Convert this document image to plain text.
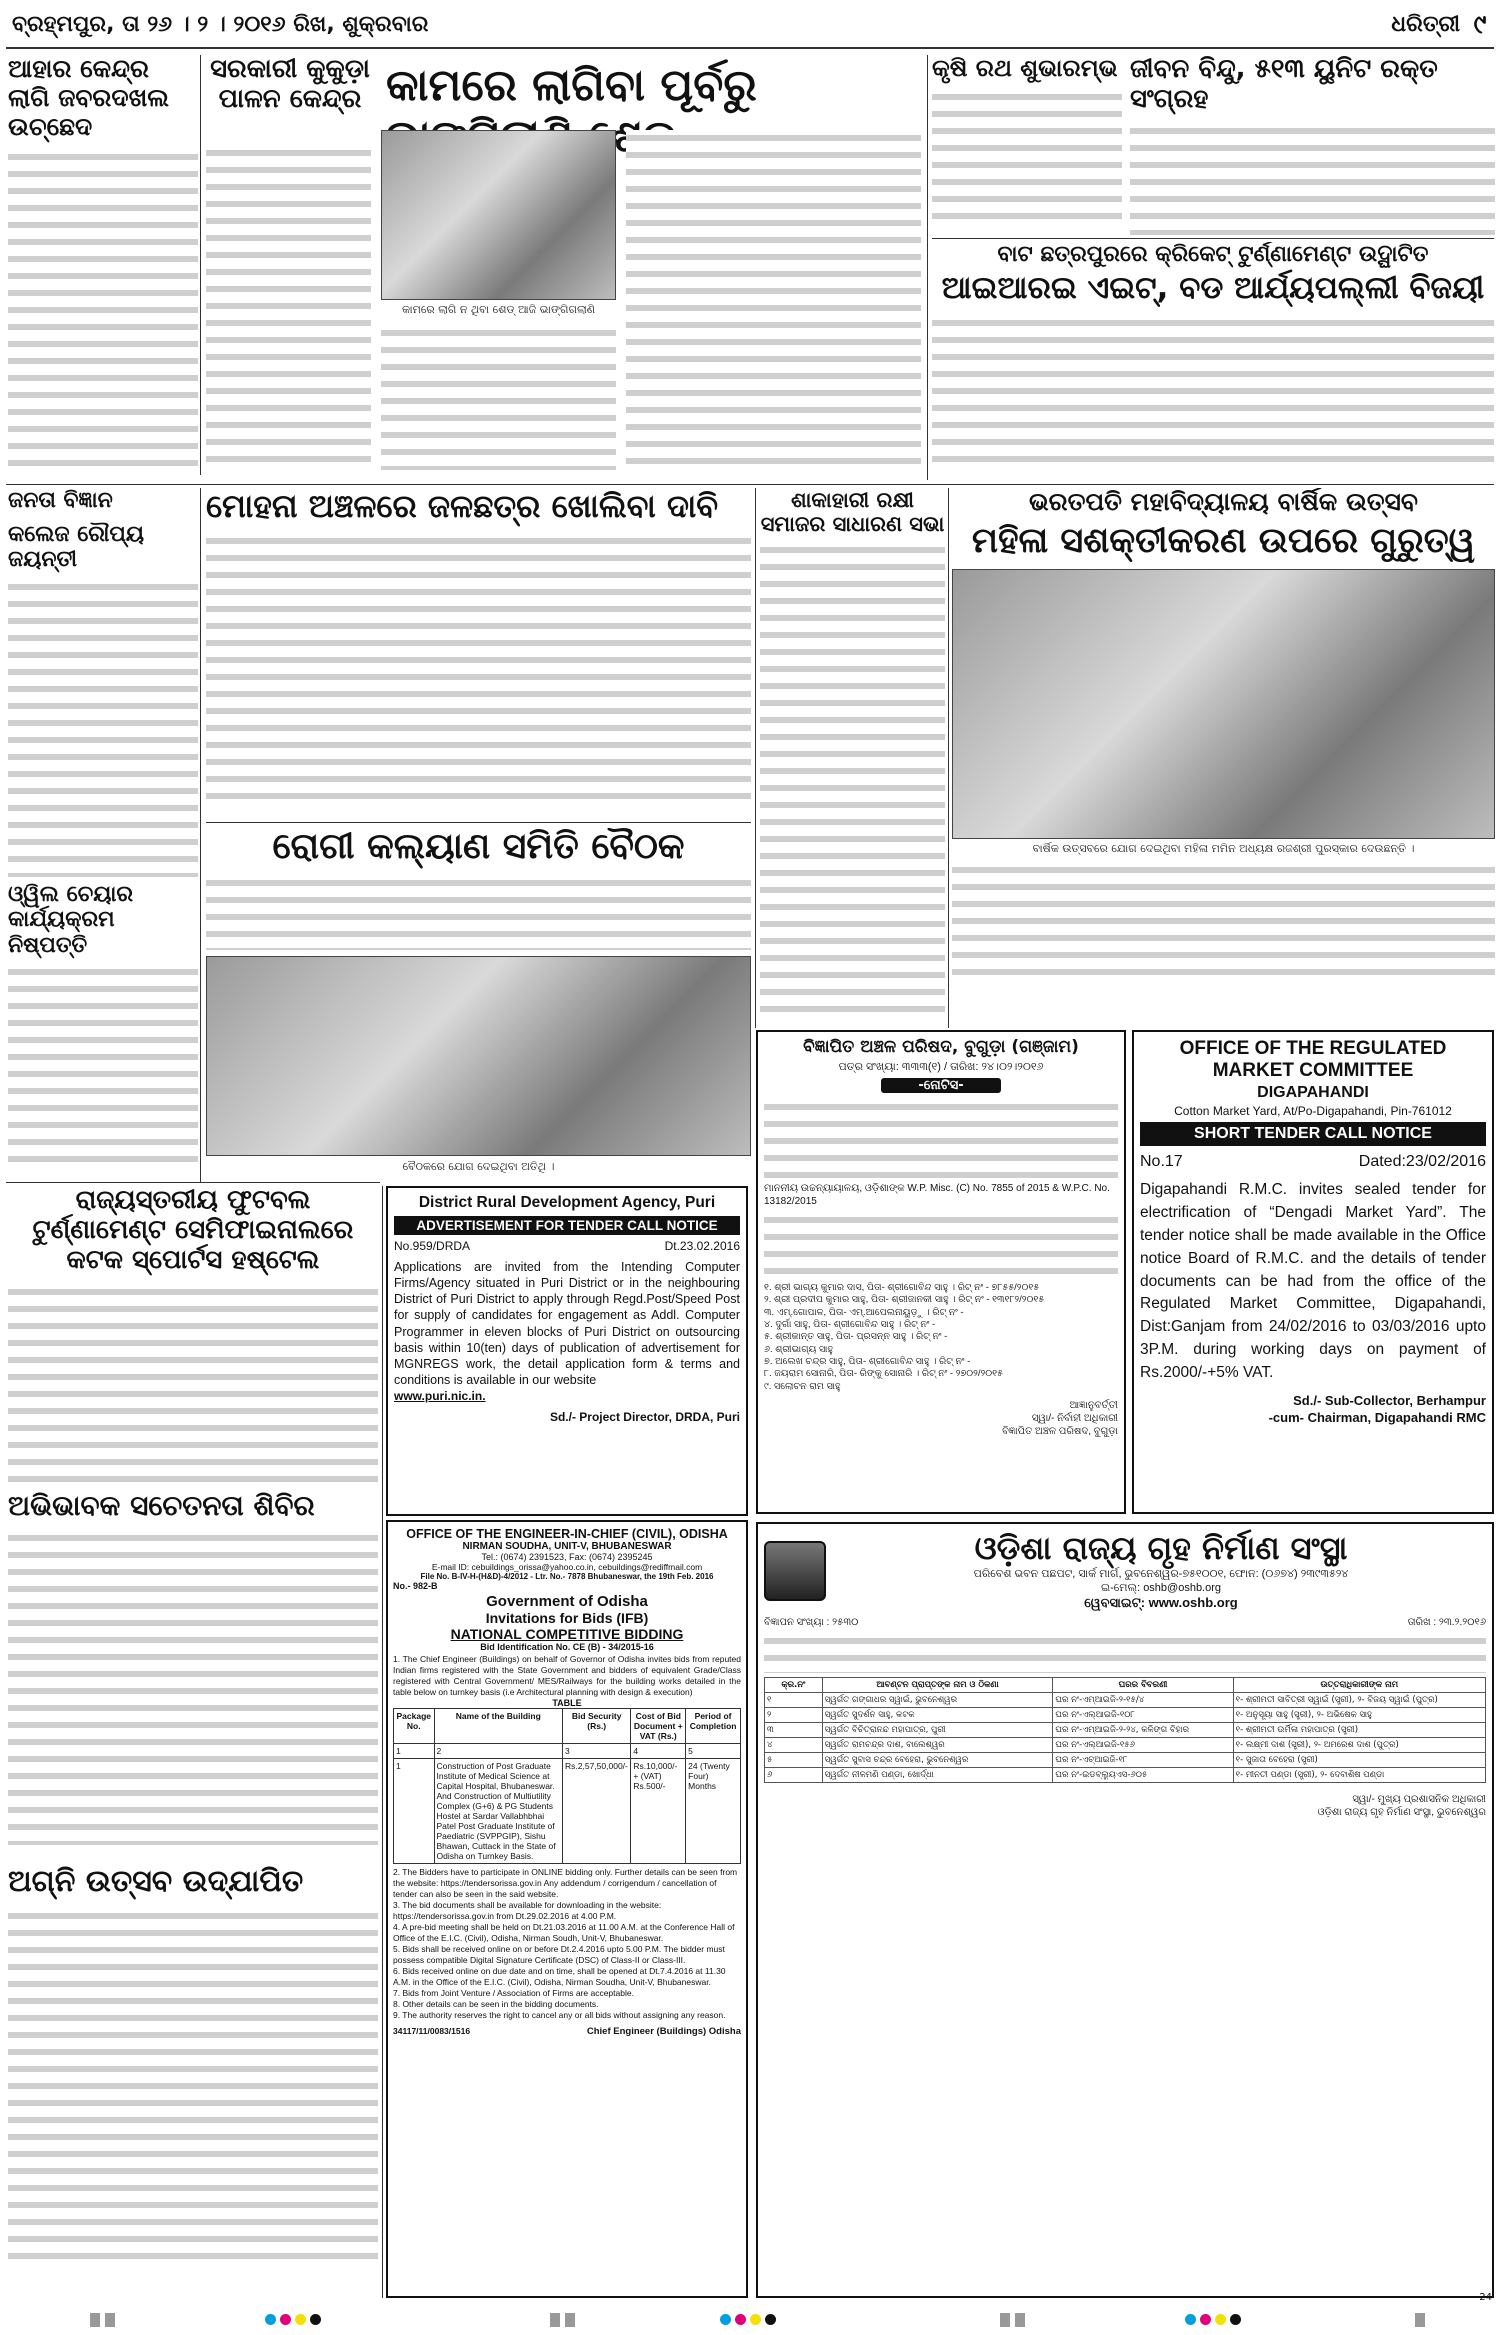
ବ୍ରହ୍ମପୁର, ତା ୨୬ । ୨ । ୨୦୧୬ ରିଖ, ଶୁକ୍ରବାର	ଧରିତ୍ରୀ ୯
ଆହାର କେନ୍ଦ୍ର ଲାଗି ଜବରଦଖଲ ଉଚ୍ଛେଦ
ସରକାରୀ କୁକୁଡ଼ା ପାଳନ କେନ୍ଦ୍ର କାମରେ ଲାଗିବା ପୂର୍ବରୁ
କାମରେ ଲାଗି ନ ଥିବା ଶେଡ୍ ଆଜି ଭାଙ୍ଗିଗଲାଣି
କୃଷି ରଥ ଶୁଭାରମ୍ଭ ଜୀବନ ବିନ୍ଦୁ, ୫୧୩ ୟୁନିଟ ରକ୍ତ ସଂଗ୍ରହ
ବାଟ ଛତ୍ରପୁରରେ କ୍ରିକେଟ୍ ଟୁର୍ଣ୍ଣାମେଣ୍ଟ ଉଦ୍ଘାଟିତ
ଆଇଆରଇ ଏଇଟ୍, ବଡ ଆର୍ଯ୍ୟପଲ୍ଲୀ ବିଜୟୀ
ଜନତା ବିଜ୍ଞାନ
କଲେଜ ରୌପ୍ୟ ଜୟନ୍ତୀ
ଓ୍ୱିଲ ଚେୟାର କାର୍ଯ୍ୟକ୍ରମ ନିଷ୍ପତ୍ତି
ମୋହନା ଅଞ୍ଚଳରେ ଜଳଛତ୍ର ଖୋଲିବା ଦାବି
ରୋଗୀ କଲ୍ୟାଣ ସମିତି ବୈଠକ
ବୈଠକରେ ଯୋଗ ଦେଇଥିବା ଅତିଥି ।
ଶାକାହାରୀ ରକ୍ଷୀ ସମାଜର ସାଧାରଣ ସଭା
ଭରତପତି ମହାବିଦ୍ୟାଳୟ ବାର୍ଷିକ ଉତ୍ସବ
ମହିଳା ସଶକ୍ତୀକରଣ ଉପରେ ଗୁରୁତ୍ୱ
ବାର୍ଷିକ ଉତ୍ସବରେ ଯୋଗ ଦେଇଥିବା ମହିଳା ମମିନ ଅଧ୍ୟକ୍ଷ ରଜଶ୍ରୀ ପୁରସ୍କାର ଦେଉଛନ୍ତି ।
ରାଜ୍ୟସ୍ତରୀୟ ଫୁଟବଲ ଟୁର୍ଣ୍ଣାମେଣ୍ଟ ସେମିଫାଇନାଲରେ କଟକ ସ୍ପୋର୍ଟସ ହଷ୍ଟେଲ
ଅଭିଭାବକ ସଚେତନତା ଶିବିର
ଅଗ୍ନି ଉତ୍ସବ ଉଦ୍ଯାପିତ
District Rural Development Agency, Puri
ADVERTISEMENT FOR TENDER CALL NOTICE
No.959/DRDA	Dt.23.02.2016
Applications are invited from the Intending Computer Firms/Agency situated in Puri District or in the neighbouring District of Puri District to apply through Regd.Post/Speed Post for supply of candidates for engagement as Addl. Computer Programmer in eleven blocks of Puri District on outsourcing basis within 10(ten) days of publication of advertisement for MGNREGS work, the detail application form & terms and conditions is available in our website
www.puri.nic.in.
Sd./- Project Director, DRDA, Puri
OFFICE OF THE ENGINEER-IN-CHIEF (CIVIL), ODISHA
NIRMAN SOUDHA, UNIT-V, BHUBANESWAR
Tel.: (0674) 2391523, Fax: (0674) 2395245
E-mail ID: cebuildings_orissa@yahoo.co.in, cebuildings@rediffmail.com
File No. B-IV-H-(H&D)-4/2012 - Ltr. No.- 7878 Bhubaneswar, the 19th Feb. 2016
No.- 982-B
Government of Odisha
Invitations for Bids (IFB)
NATIONAL COMPETITIVE BIDDING
Bid Identification No. CE (B) - 34/2015-16
1. The Chief Engineer (Buildings) on behalf of Governor of Odisha invites bids from reputed Indian firms registered with the State Government and bidders of equivalent Grade/Class registered with Central Government/ MES/Railways for the building works detailed in the table below on turnkey basis (i.e Architectural planning with design & execution)
TABLE
Package No.	Name of the Building	Bid Security (Rs.)	Cost of Bid Document + VAT (Rs.)	Period of Completion
1	2	3	4	5
1	Construction of Post Graduate Institute of Medical Science at Capital Hospital, Bhubaneswar. And Construction of Multiutility Complex (G+6) & PG Students Hostel at Sardar Vallabhbhai Patel Post Graduate Institute of Paediatric (SVPPGIP), Sishu Bhawan, Cuttack in the State of Odisha on Turnkey Basis.	Rs.2,57,50,000/-	Rs.10,000/- + (VAT) Rs.500/-	24 (Twenty Four) Months
2. The Bidders have to participate in ONLINE bidding only. Further details can be seen from the website: https://tendersorissa.gov.in Any addendum / corrigendum / cancellation of tender can also be seen in the said website.
3. The bid documents shall be available for downloading in the website: https://tendersorissa.gov.in from Dt.29.02.2016 at 4.00 P.M.
4. A pre-bid meeting shall be held on Dt.21.03.2016 at 11.00 A.M. at the Conference Hall of Office of the E.I.C. (Civil), Odisha, Nirman Soudh, Unit-V, Bhubaneswar.
5. Bids shall be received online on or before Dt.2.4.2016 upto 5.00 P.M. The bidder must possess compatible Digital Signature Certificate (DSC) of Class-II or Class-III.
6. Bids received online on due date and on time, shall be opened at Dt.7.4.2016 at 11.30 A.M. in the Office of the E.I.C. (Civil), Odisha, Nirman Soudha, Unit-V, Bhubaneswar.
7. Bids from Joint Venture / Association of Firms are acceptable.
8. Other details can be seen in the bidding documents.
9. The authority reserves the right to cancel any or all bids without assigning any reason.
34117/11/0083/1516	Chief Engineer (Buildings) Odisha
ବିଜ୍ଞାପିତ ଅଞ୍ଚଳ ପରିଷଦ, ବୁଗୁଡ଼ା (ଗଞ୍ଜାମ)
ପତ୍ର ସଂଖ୍ୟା: ୩୩୩(୧) / ତାରିଖ: ୨୪।୦୨।୨୦୧୬
-ନୋଟିସ-
ମାନନୀୟ ଉଚ୍ଚନ୍ୟାୟାଳୟ, ଓଡ଼ିଶାଙ୍କ W.P. Misc. (C) No. 7855 of 2015 & W.P.C. No. 13182/2015
୧. ଶ୍ରୀ ଭାଗ୍ୟ କୁମାର ଦାସ, ପିତା- ଶ୍ରୀଗୋବିନ୍ଦ ସାହୁ । ରିଟ୍ ନଂ - ୭୮୫୫/୨୦୧୫
୨. ଶ୍ରୀ ପ୍ରଦୀପ କୁମାର ସାହୁ, ପିତା- ଶ୍ରୀଜାନକୀ ସାହୁ । ରିଟ୍ ନଂ - ୧୩୧୮୨/୨୦୧୫
୩. ଏମ୍.ଗୋପାଳ, ପିତା- ଏମ୍.ଆପେଲନାୟୁଡ଼ୁ । ରିଟ୍ ନଂ -
୪. ଦୁର୍ଗା ସାହୁ, ପିତା- ଶ୍ରୀଗୋବିନ୍ଦ ସାହୁ । ରିଟ୍ ନଂ -
୫. ଶ୍ରୀକାନ୍ତ ସାହୁ, ପିତା- ପ୍ରସନ୍ନ ସାହୁ । ରିଟ୍ ନଂ -
୬. ଶ୍ରୀଭାଗ୍ୟ ସାହୁ
୭. ଅଲେଖ ଚନ୍ଦ୍ର ସାହୁ, ପିତା- ଶ୍ରୀଗୋବିନ୍ଦ ସାହୁ । ରିଟ୍ ନଂ -
୮. ଜୟରାମ ସୋନାରି, ପିତା- ରିଙ୍କୁ ସୋନାରି । ରିଟ୍ ନଂ - ୨୭୦୨/୨୦୧୫
୯. ସଲୋଚନ ରାମ ସାହୁ
ଆଜ୍ଞାନୁବର୍ତ୍ତୀ
ସ୍ୱା/- ନିର୍ବାହୀ ଅଧିକାରୀ
ବିଜ୍ଞାପିତ ଅଞ୍ଚଳ ପରିଷଦ, ବୁଗୁଡ଼ା
OFFICE OF THE REGULATED MARKET COMMITTEE
DIGAPAHANDI
Cotton Market Yard, At/Po-Digapahandi, Pin-761012
SHORT TENDER CALL NOTICE
No.17	Dated:23/02/2016
Digapahandi R.M.C. invites sealed tender for electrification of “Dengadi Market Yard”. The tender notice shall be made available in the Office notice Board of R.M.C. and the details of tender documents can be had from the office of the Regulated Market Committee, Digapahandi, Dist:Ganjam from 24/02/2016 to 03/03/2016 upto 3P.M. during working days on payment of Rs.2000/-+5% VAT.
Sd./- Sub-Collector, Berhampur
-cum- Chairman, Digapahandi RMC
ଓଡ଼ିଶା ରାଜ୍ୟ ଗୃହ ନିର୍ମାଣ ସଂସ୍ଥା
ପରିବେଶ ଭବନ ପଛପଟ, ସାର୍କ ମାର୍ଗ, ଭୁବନେଶ୍ୱର-୭୫୧୦୦୧, ଫୋନ: (୦୬୭୪) ୨୩୯୩୫୨୪
ଇ-ମେଲ୍: oshb@oshb.org
ୱେବସାଇଟ୍: www.oshb.org
ବିଜ୍ଞାପନ ସଂଖ୍ୟା : ୨୫୩୦	ତାରିଖ : ୨୩.୨.୨୦୧୬
କ୍ର.ନଂ	ଆବଣ୍ଟନ ପ୍ରାପ୍ତଙ୍କ ନାମ ଓ ଠିକଣା	ଘରର ବିବରଣୀ	ଉତ୍ତରାଧିକାରୀଙ୍କ ନାମ
୧	ସ୍ୱର୍ଗତ ଗଙ୍ଗାଧର ସ୍ୱାଇଁ, ଭୁବନେଶ୍ୱର	ଘର ନଂ-ଏମ୍ଆଇଜି-୨-୧୫/୪	୧- ଶ୍ରୀମତୀ ସାବିତ୍ରୀ ସ୍ୱାଇଁ (ସ୍ତ୍ରୀ), ୨- ବିଜୟ ସ୍ୱାଇଁ (ପୁତ୍ର)
୨	ସ୍ୱର୍ଗତ ସୁଦର୍ଶନ ସାହୁ, କଟକ	ଘର ନଂ-ଏଲ୍ଆଇଜି-୧୦୮	୧- ଅନୁସୂୟା ସାହୁ (ସ୍ତ୍ରୀ), ୨- ଅଭିଷେକ ସାହୁ
୩	ସ୍ୱର୍ଗତ ବିଚିତ୍ରାନନ୍ଦ ମହାପାତ୍ର, ପୁରୀ	ଘର ନଂ-ଏମ୍ଆଇଜି-୨-୨୪, କଳିଙ୍ଗ ବିହାର	୧- ଶ୍ରୀମତୀ ଉର୍ମିଳା ମହାପାତ୍ର (ସ୍ତ୍ରୀ)
୪	ସ୍ୱର୍ଗତ ରାମଚନ୍ଦ୍ର ଦାଶ, ବାଲେଶ୍ୱର	ଘର ନଂ-ଏଲ୍ଆଇଜି-୧୫୬	୧- ଲକ୍ଷ୍ମୀ ଦାଶ (ସ୍ତ୍ରୀ), ୨- ଅମରେଶ ଦାଶ (ପୁତ୍ର)
୫	ସ୍ୱର୍ଗତ ସୁବାସ ଚନ୍ଦ୍ର ବେହେରା, ଭୁବନେଶ୍ୱର	ଘର ନଂ-ଏଚ୍ଆଇଜି-୧୮	୧- ସୁଜାତା ବେହେରା (ସ୍ତ୍ରୀ)
୬	ସ୍ୱର୍ଗତ ନୀଳମଣି ପଣ୍ଡା, ଖୋର୍ଦ୍ଧା	ଘର ନଂ-ଇଡବ୍ଲ୍ୟୁଏସ-୬୦୫	୧- ମୀନତୀ ପଣ୍ଡା (ସ୍ତ୍ରୀ), ୨- ଦେବାଶିଷ ପଣ୍ଡା
ସ୍ୱା/- ମୁଖ୍ୟ ପ୍ରଶାସନିକ ଅଧିକାରୀ
ଓଡ଼ିଶା ରାଜ୍ୟ ଗୃହ ନିର୍ମାଣ ସଂସ୍ଥା, ଭୁବନେଶ୍ୱର
24
